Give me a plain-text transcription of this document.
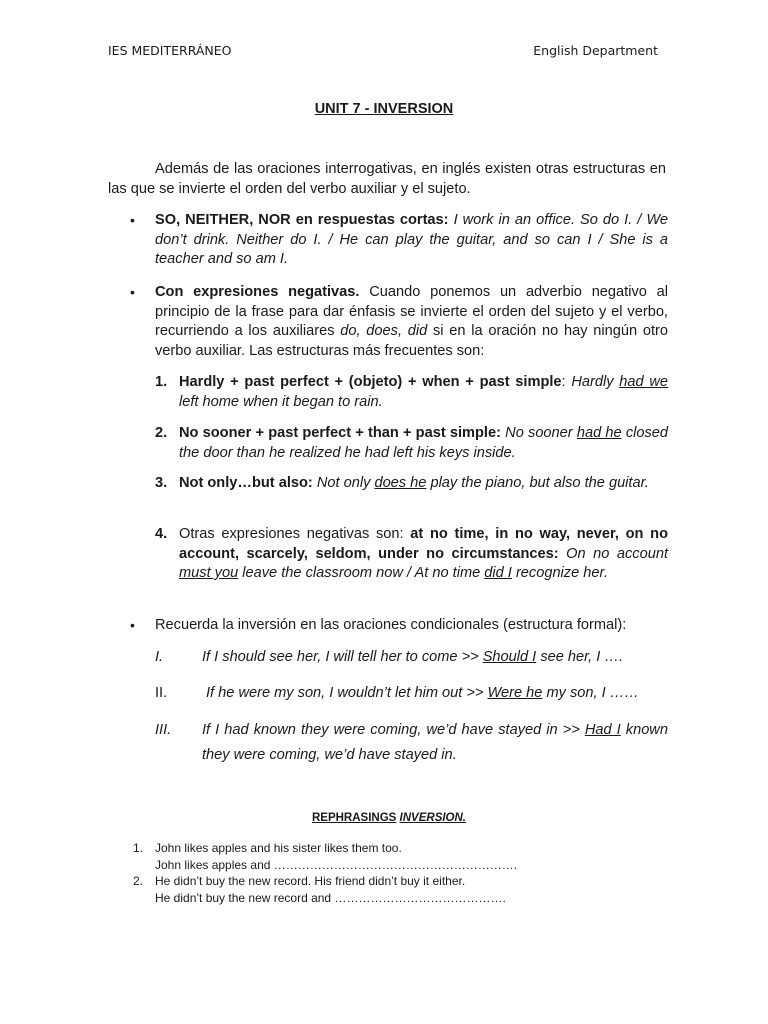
IES MEDITERRÁNEO	English Department
UNIT 7 - INVERSION
Además de las oraciones interrogativas, en inglés existen otras estructuras en las que se invierte el orden del verbo auxiliar y el sujeto.
• SO, NEITHER, NOR en respuestas cortas: I work in an office. So do I. / We don’t drink. Neither do I. / He can play the guitar, and so can I / She is a teacher and so am I.
• Con expresiones negativas. Cuando ponemos un adverbio negativo al principio de la frase para dar énfasis se invierte el orden del sujeto y el verbo, recurriendo a los auxiliares do, does, did si en la oración no hay ningún otro verbo auxiliar. Las estructuras más frecuentes son:
1. Hardly + past perfect + (objeto) + when + past simple: Hardly had we left home when it began to rain.
2. No sooner + past perfect + than + past simple: No sooner had he closed the door than he realized he had left his keys inside.
3. Not only…but also: Not only does he play the piano, but also the guitar.
4. Otras expresiones negativas son: at no time, in no way, never, on no account, scarcely, seldom, under no circumstances: On no account must you leave the classroom now / At no time did I recognize her.
• Recuerda la inversión en las oraciones condicionales (estructura formal):
I.	If I should see her, I will tell her to come >> Should I see her, I ….
II.	If he were my son, I wouldn’t let him out >> Were he my son, I ……
III. If I had known they were coming, we’d have stayed in >> Had I known they were coming, we’d have stayed in.
REPHRASINGS INVERSION.
1. John likes apples and his sister likes them too.
John likes apples and …………………………………………………….
2. He didn’t buy the new record. His friend didn’t buy it either.
He didn’t buy the new record and …………………………………….
